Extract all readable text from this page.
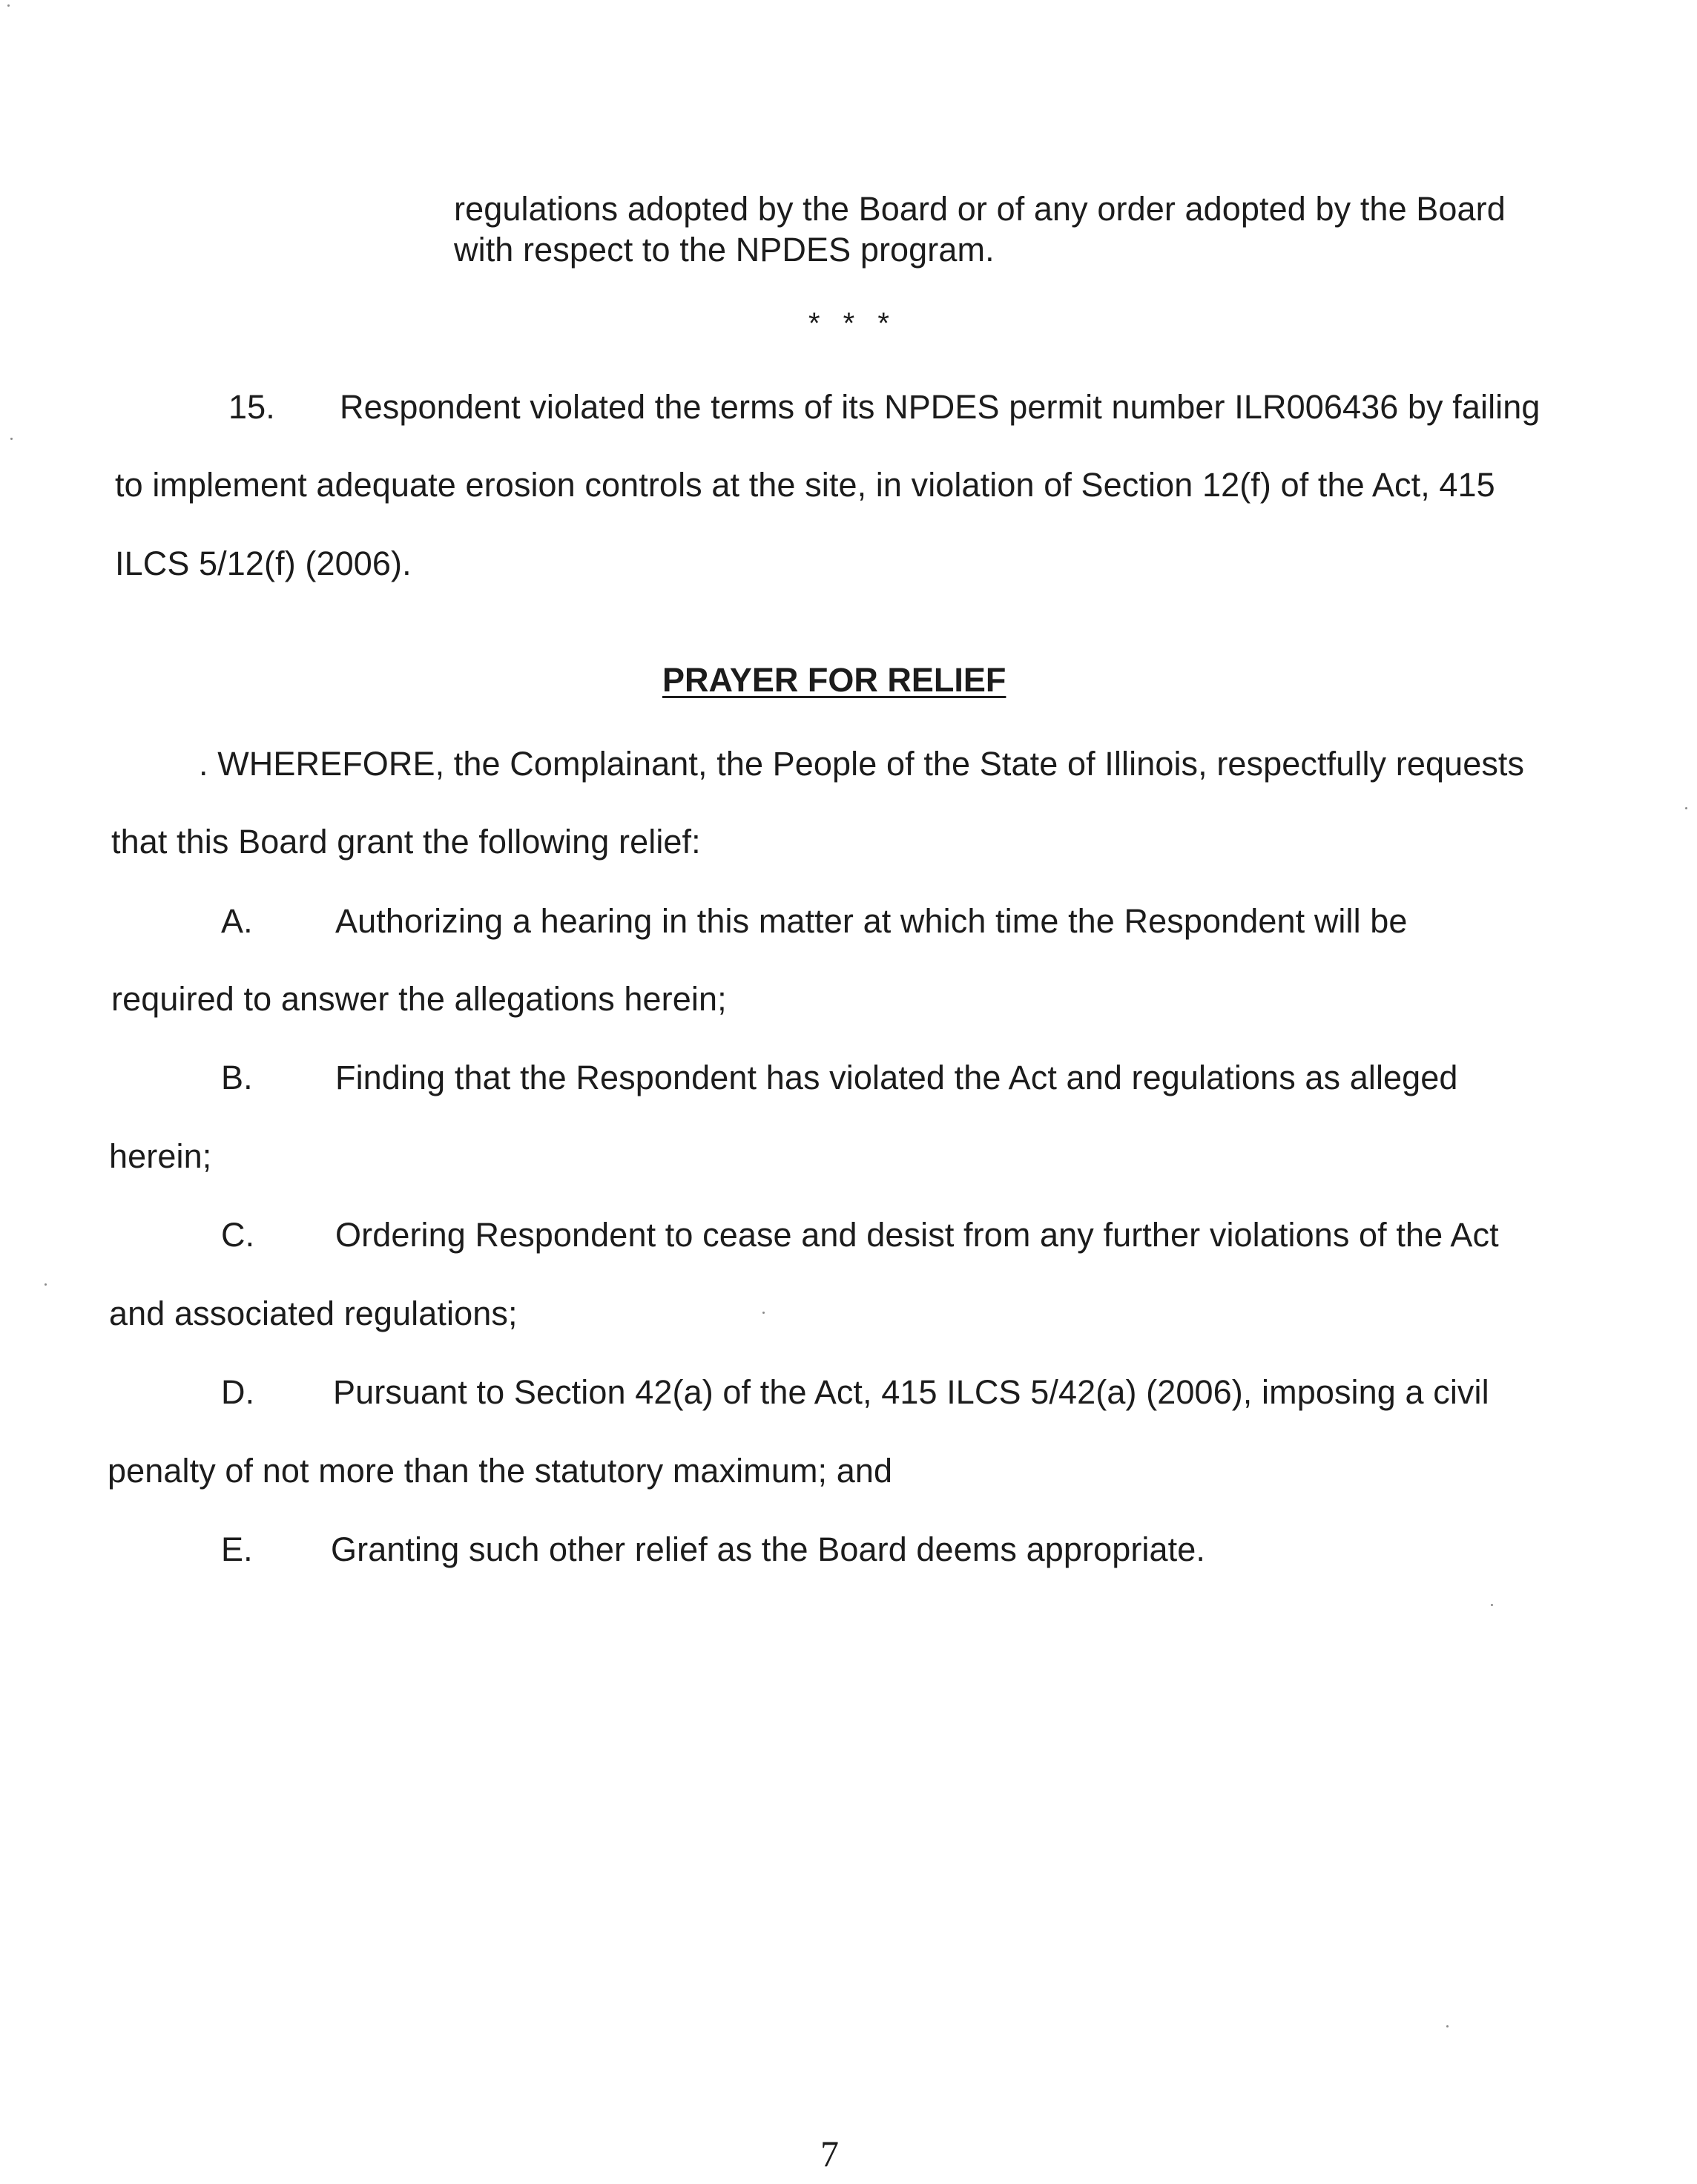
regulations adopted by the Board or of any order adopted by the Board
with respect to the NPDES program.
* * *
15. Respondent violated the terms of its NPDES permit number ILR006436 by failing
to implement adequate erosion controls at the site, in violation of Section 12(f) of the Act, 415
ILCS 5/12(f) (2006).
PRAYER FOR RELIEF
. WHEREFORE, the Complainant, the People of the State of Illinois, respectfully requests
that this Board grant the following relief:
A. Authorizing a hearing in this matter at which time the Respondent will be
required to answer the allegations herein;
B. Finding that the Respondent has violated the Act and regulations as alleged
herein;
C. Ordering Respondent to cease and desist from any further violations of the Act
and associated regulations;
D. Pursuant to Section 42(a) of the Act, 415 ILCS 5/42(a) (2006), imposing a civil
penalty of not more than the statutory maximum; and
E. Granting such other relief as the Board deems appropriate.
7
